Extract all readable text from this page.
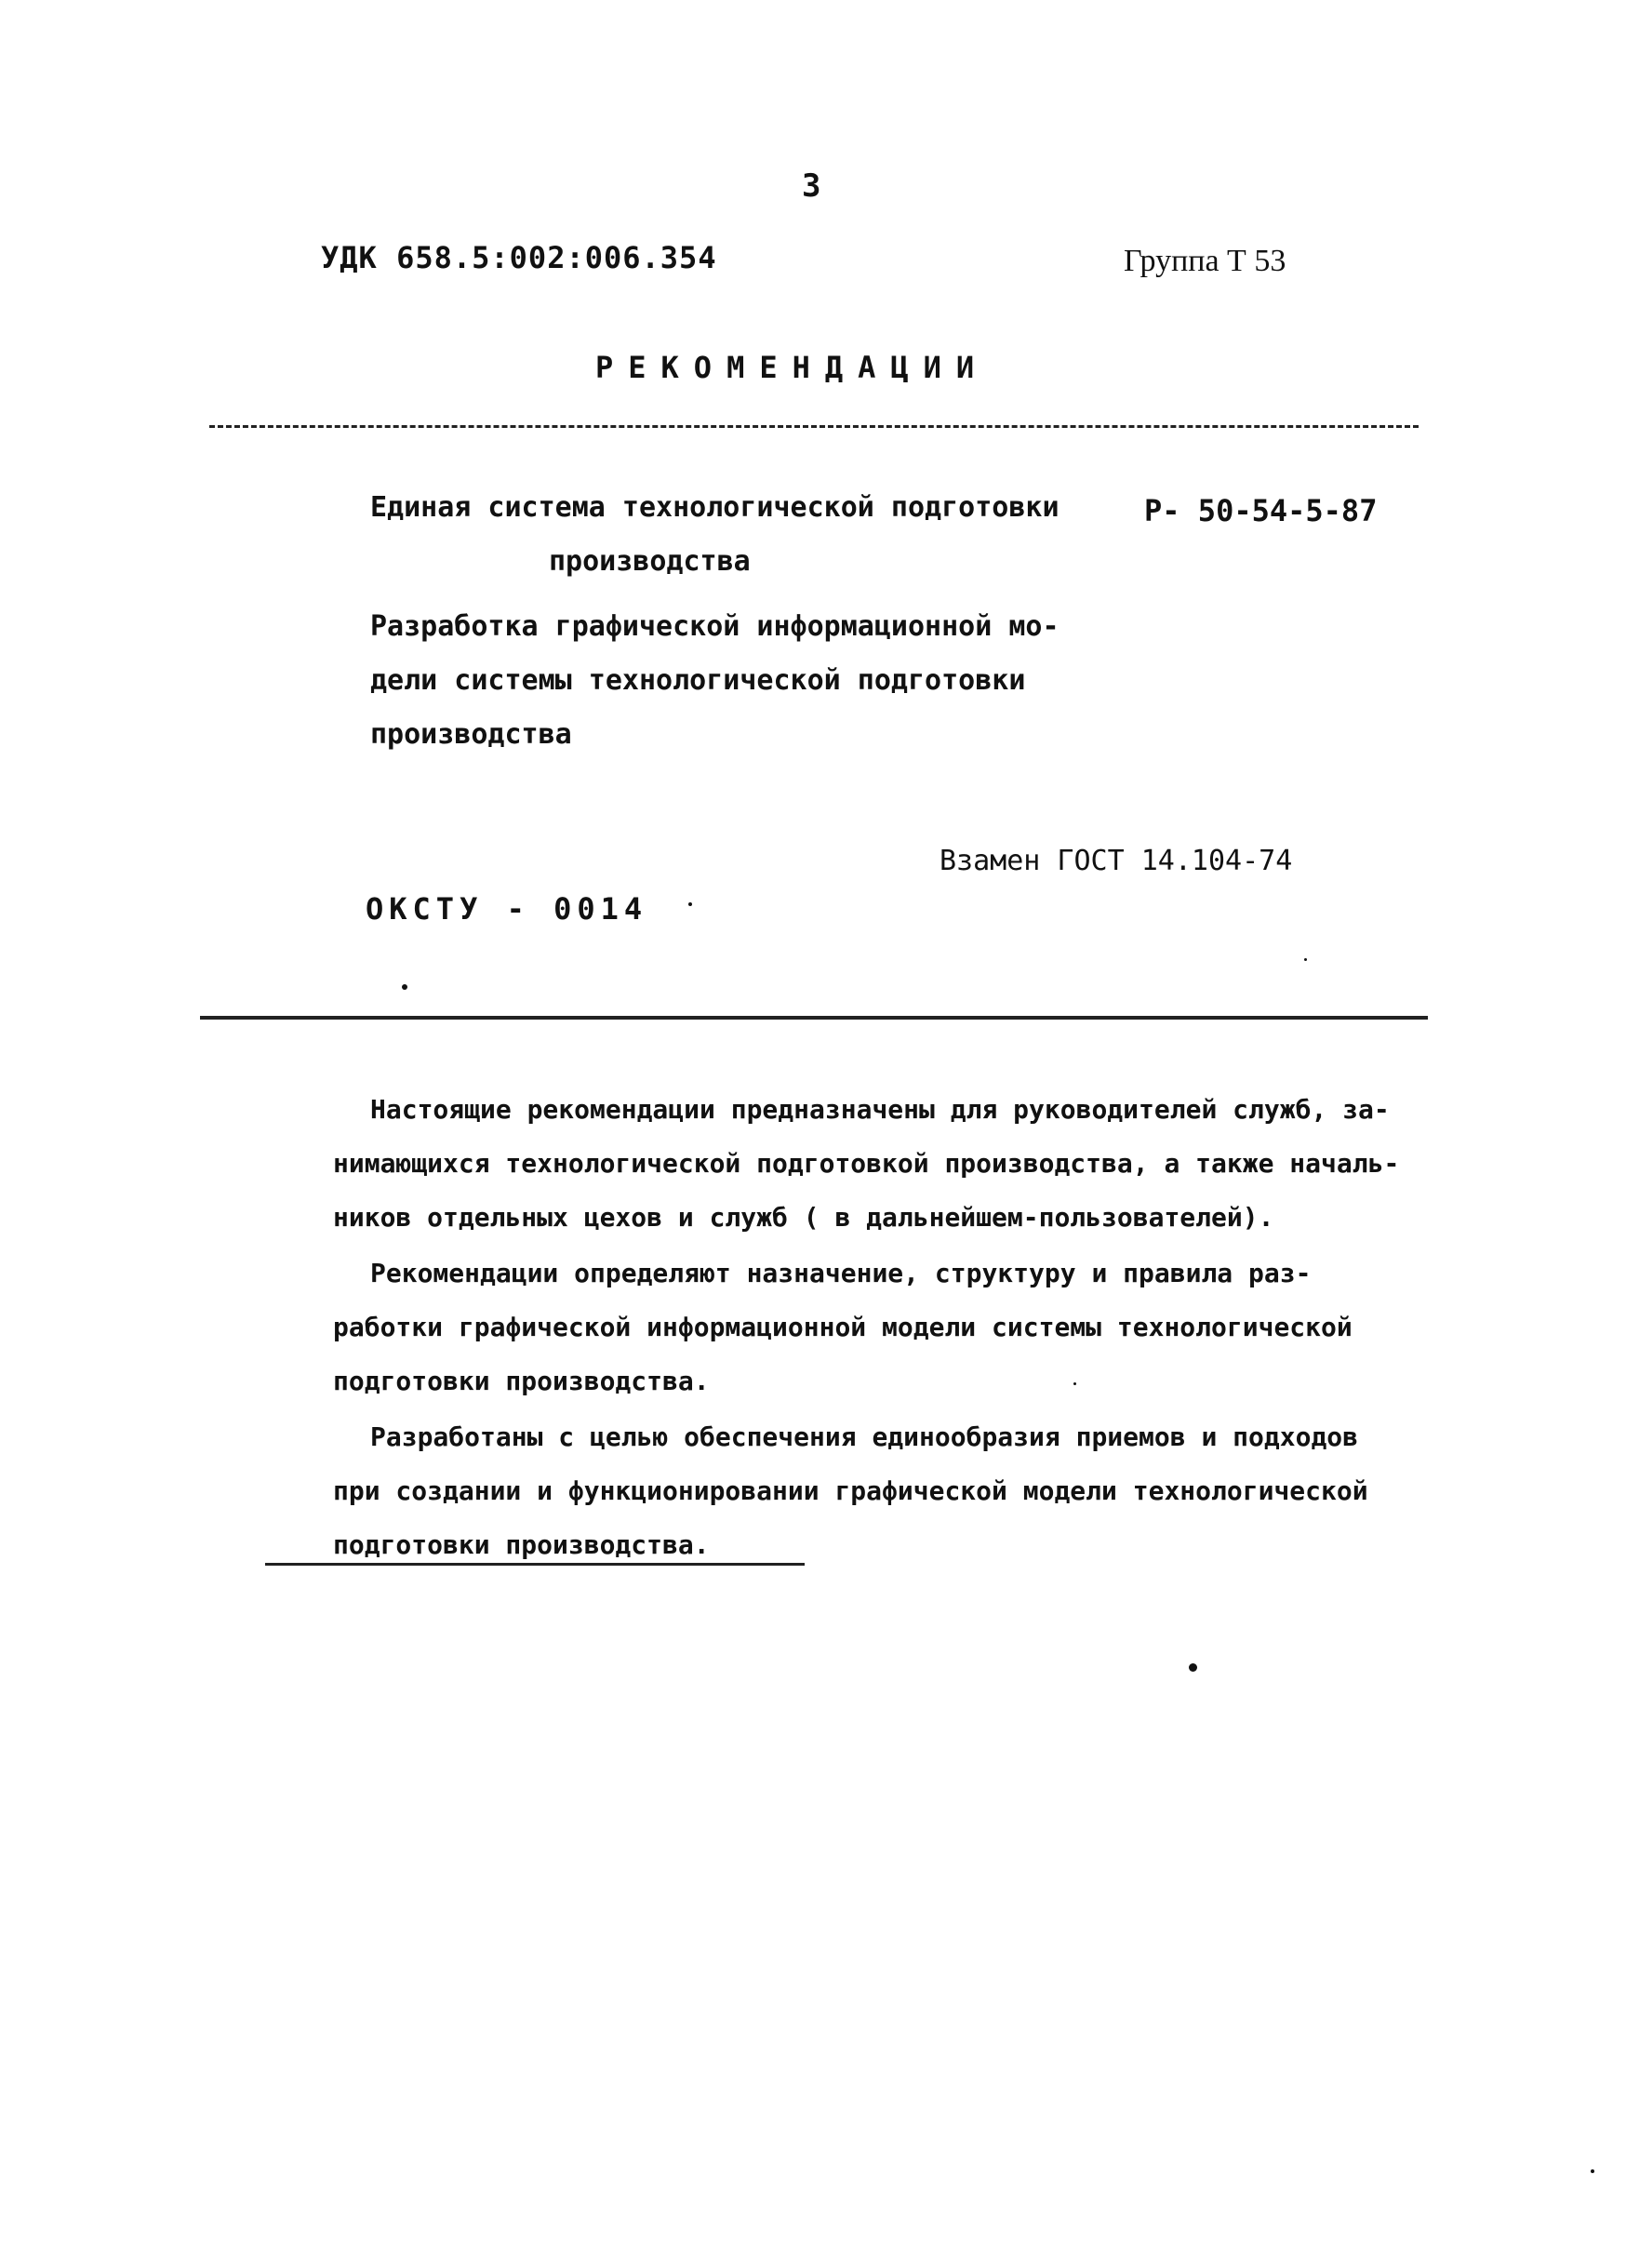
3
УДК 658.5:002:006.354	Группа Т 53
РЕКОМЕНДАЦИИ
Единая система технологической подготовки
производства
Разработка графической информационной мо-
дели системы технологической подготовки
производства
Р- 50-54-5-87
Взамен ГОСТ 14.104-74
ОКСТУ - 0014
Настоящие рекомендации предназначены для руководителей служб, за-
нимающихся технологической подготовкой производства, а также началь-
ников отдельных цехов и служб ( в дальнейшем-пользователей).
Рекомендации определяют назначение, структуру и правила раз-
работки графической информационной модели системы технологической
подготовки производства.
Разработаны с целью обеспечения единообразия приемов и подходов
при создании и функционировании графической модели технологической
подготовки производства.
